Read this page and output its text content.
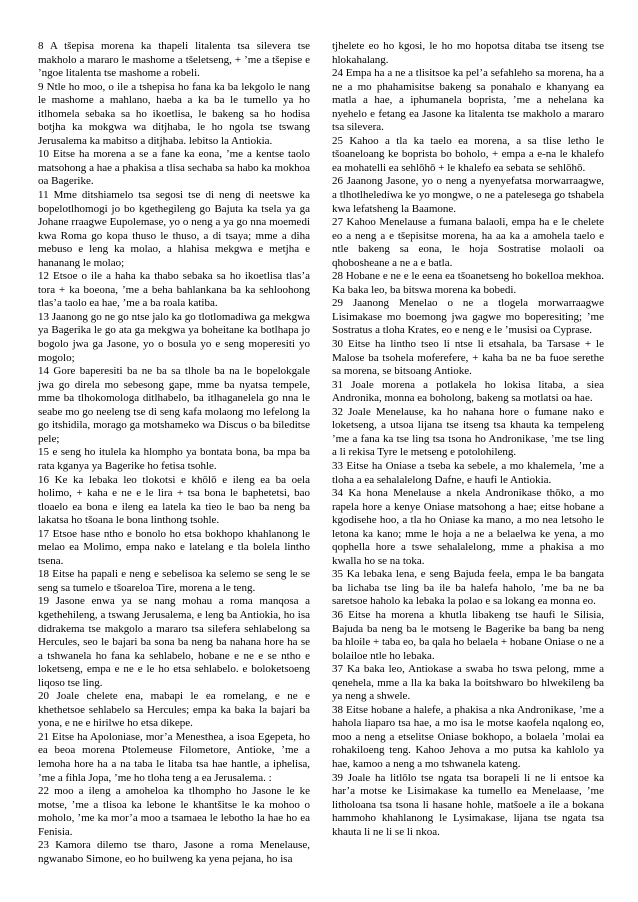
8 A tšepisa morena ka thapeli litalenta tsa silevera tse makholo a mararo le mashome a tšeletseng, + ’me a tšepise e ’ngoe litalenta tse mashome a robeli.

9 Ntle ho moo, o ile a tshepisa ho fana ka ba lekgolo le nang le mashome a mahlano, haeba a ka ba le tumello ya ho itlhomela sebaka sa ho ikoetlisa, le bakeng sa ho hodisa botjha ka mokgwa wa ditjhaba, le ho ngola tse tswang Jerusalema ka mabitso a ditjhaba. lebitso la Antiokia.

10 Eitse ha morena a se a fane ka eona, ’me a kentse taolo matsohong a hae a phakisa a tlisa sechaba sa habo ka mokhoa oa Bagerike.

11 Mme ditshiamelo tsa segosi tse di neng di neetswe ka bopelotlhomogi jo bo kgethegileng go Bajuta ka tsela ya ga Johane rraagwe Eupolemase, yo o neng a ya go nna moemedi kwa Roma go kopa thuso le thuso, a di tsaya; mme a diha mebuso e leng ka molao, a hlahisa mekgwa e metjha e hananang le molao;

12 Etsoe o ile a haha ka thabo sebaka sa ho ikoetlisa tlas’a tora + ka boeona, ’me a beha bahlankana ba ka sehloohong tlas’a taolo ea hae, ’me a ba roala katiba.

13 Jaanong go ne go ntse jalo ka go tlotlomadiwa ga mekgwa ya Bagerika le go ata ga mekgwa ya boheitane ka botlhapa jo bogolo jwa ga Jasone, yo o bosula yo e seng moperesiti yo mogolo;

14 Gore baperesiti ba ne ba sa tlhole ba na le bopelokgale jwa go direla mo sebesong gape, mme ba nyatsa tempele, mme ba tlhokomologa ditlhabelo, ba itlhaganelela go nna le seabe mo go neeleng tse di seng kafa molaong mo lefelong la go itshidila, morago ga motshameko wa Discus o ba bileditse pele;

15 e seng ho itulela ka hlompho ya bontata bona, ba mpa ba rata kganya ya Bagerike ho fetisa tsohle.

16 Ke ka lebaka leo tlokotsi e khōlō e ileng ea ba oela holimo, + kaha e ne e le lira + tsa bona le baphetetsi, bao tloaelo ea bona e ileng ea latela ka tieo le bao ba neng ba lakatsa ho tšoana le bona linthong tsohle.

17 Etsoe hase ntho e bonolo ho etsa bokhopo khahlanong le melao ea Molimo, empa nako e latelang e tla bolela lintho tsena.

18 Eitse ha papali e neng e sebelisoa ka selemo se seng le se seng sa tumelo e tšoareloa Tire, morena a le teng.

19 Jasone enwa ya se nang mohau a romа manqosa a kgethehileng, a tswang Jerusalema, e leng ba Antiokia, ho isa didrakema tse makgolo a mararo tsa silefera sehlabelong sa Hercules, seo le bajari ba sona ba neng ba nahana hore ha se a tshwanela ho fana ka sehlabelo, hobane e ne e se ntho e loketseng, empa e ne e le ho etsa sehlabelo. e boloketsoeng liqoso tse ling.

20 Joale chelete ena, mabapi le ea romelang, e ne e khethetsoe sehlabelo sa Hercules; empa ka baka la bajari ba yona, e ne e hirilwe ho etsa dikepe.

21 Eitse ha Apoloniase, mor’a Menesthea, a isoa Egepeta, ho ea beoa morena Ptolemeuse Filometore, Antioke, ’me a lemoha hore ha a na taba le litaba tsa hae hantle, a iphelisa, ’me a fihla Jopa, ’me ho tloha teng a ea Jerusalema. :

22 moo a ileng a amoheloa ka tlhompho ho Jasone le ke motse, ’me a tlisoa ka lebone le khantšitse le ka mohoo o moholo, ’me ka mor’a moo a tsamaea le lebotho la hae ho ea Fenisia.

23 Kamora dilemo tse tharo, Jasone a roma Menelause, ngwanabo Simone, eo ho builweng ka yena pejana, ho isa

tjhelete eo ho kgosi, le ho mo hopotsa ditaba tse itseng tse hlokahalang.

24 Empa ha a ne a tlisitsoe ka pel’a sefahleho sa morena, ha a ne a mo phahamisitse bakeng sa ponahalo e khanyang ea matla a hae, a iphumanela boprista, ’me a nehelana ka nyehelo e fetang ea Jasone ka litalenta tse makholo a mararo tsa silevera.

25 Kahoo a tla ka taelo ea morena, a sa tlise letho le tšoaneloang ke boprista bo boholo, + empa a e-na le khalefo ea mohatelli ea sehlōhō + le khalefo ea sebata se sehlōhō.

26 Jaanong Jasone, yo o neng a nyenyefatsa morwarraagwe, a tlhotlheledíwa ke yo mongwe, o ne a patelesega go tshabela kwa lefatsheng la Baamone.

27 Kahoo Menelause a fumana balaoli, empa ha e le chelete eo a neng a e tšepisitse morena, ha aa ka a amohela taelo e ntle bakeng sa eona, le hoja Sostratise molaoli oa qhobosheane a ne a e batla.

28 Hobane e ne e le eena ea tšoanetseng ho bokelloa mekhoa. Ka baka leo, ba bitswa morena ka bobedi.

29 Jaanong Menelao o ne a tlogela morwarraagwe Lisimakase mo boemong jwa gagwe mo boperesiting; ’me Sostratus a tloha Krates, eo e neng e le ’musisi oa Cyprase.

30 Eitse ha lintho tseo li ntse li etsahala, ba Tarsase + le Malose ba tsohela moferefere, + kaha ba ne ba fuoe serethe sa morena, se bitsoang Antioke.

31 Joale morena a potlakela ho lokisa litaba, a siea Andronika, monna ea boholong, bakeng sa motlatsi oa hae.

32 Joale Menelause, ka ho nahana hore o fumane nako e loketseng, a utsoa lijana tse itseng tsa khauta ka tempeleng ’me a fana ka tse ling tsa tsona ho Andronikase, ’me tse ling a li rekisa Tyre le metseng e potolohileng.

33 Eitse ha Oniase a tseba ka sebele, a mo khalemela, ’me a tloha a ea sehalalelong Dafne, e haufi le Antiokia.

34 Ka hona Menelause a nkela Andronikase thōko, a mo rapela hore a kenye Oniase matsohong a hae; eitse hobane a kgodisehe hoo, a tla ho Oniase ka mano, a mo nea letsoho le letona ka kano; mme le hoja a ne a belaelwa ke yena, a mo qophella hore a tswe sehalalelong, mme a phakisa a mo kwalla ho se na toka.

35 Ka lebaka lena, e seng Bajuda feela, empa le ba bangata ba lichaba tse ling ba ile ba halefa haholo, ’me ba ne ba saretsoe haholo ka lebaka la polao e sa lokang ea monna eo.

36 Eitse ha morena a khutla libakeng tse haufi le Silisia, Bajuda ba neng ba le motseng le Bagerike ba bang ba neng ba hloile + taba eo, ba qala ho belaela + hobane Oniase o ne a bolailoe ntle ho lebaka.

37 Ka baka leo, Antiokase a swaba ho tswa pelong, mme a qenehela, mme a lla ka baka la boitshwaro bo hlwekileng ba ya neng a shwele.

38 Eitse hobane a halefe, a phakisa a nka Andronikase, ’me a hahola liaparo tsa hae, a mo isa le motse kaofela nqalong eo, moo a neng a etselitse Oniase bokhopo, a bolaela ’molai ea rohakiloeng teng. Kahoo Jehova a mo putsa ka kahlolo ya hae, kamoo a neng a mo tshwanela kateng.

39 Joale ha litlōlo tse ngata tsa borapeli li ne li entsoe ka har’a motse ke Lisimakase ka tumello ea Menelaase, ’me litholoana tsa tsona li hasane hohle, matšoele a ile a bokana hammoho khahlanong le Lysimakase, lijana tse ngata tsa khauta li ne li se li nkoa.
